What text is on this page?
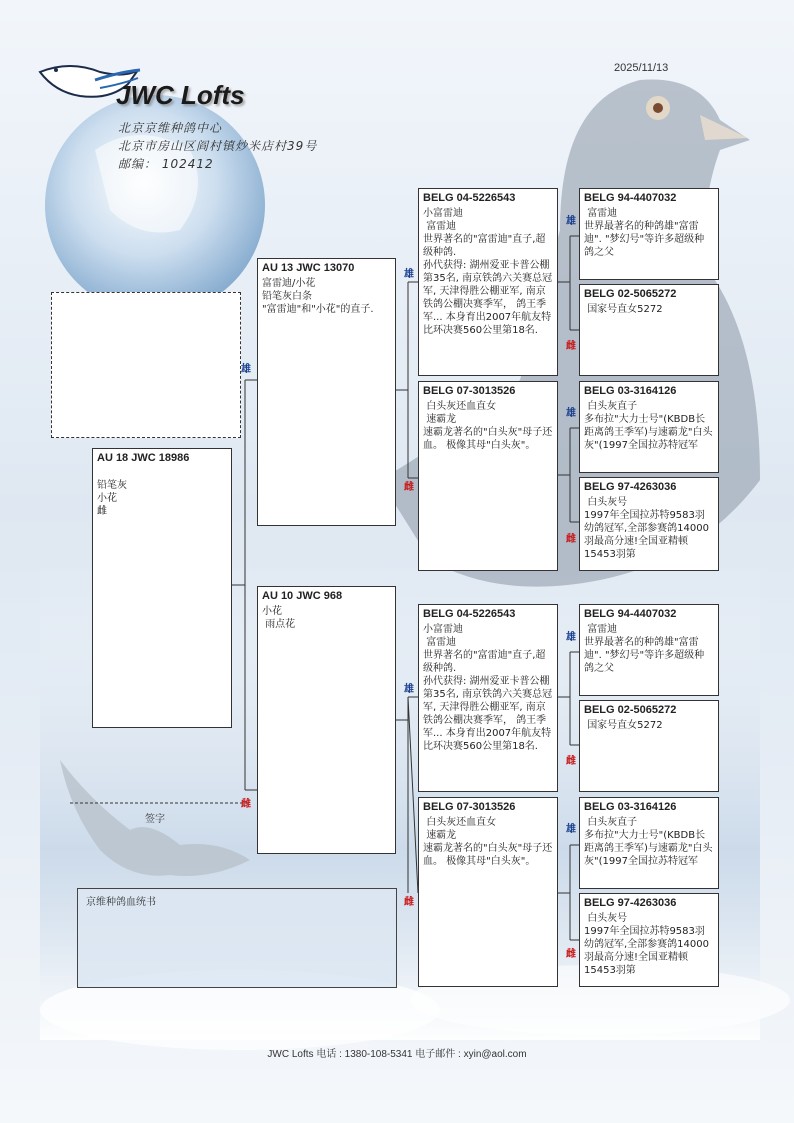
2025/11/13
JWC Lofts
北京京维种鸽中心
北京市房山区阎村镇炒米店村39号
邮编： 102412
雄
雌
雄
雌
雄
雌
雄
雌
雄
雌
雄
雌
雄
雌
AU 18 JWC 18986
铅笔灰
小花
雌
AU 13 JWC 13070
富雷迪/小花
铅笔灰白条
"富雷迪"和"小花"的直子.
AU 10 JWC 968
小花
雨点花
BELG 04-5226543
小富雷迪
富雷迪
世界著名的"富雷迪"直子,超级种鸽.
孙代获得: 湖州爱亚卡普公棚第35名, 南京铁鸽六关赛总冠军, 天津得胜公棚亚军, 南京铁鸽公棚决赛季军， 鸽王季军... 本身育出2007年航友特比环决赛560公里第18名.
BELG 07-3013526
白头灰还血直女
速霸龙
速霸龙著名的"白头灰"母子还血。 极像其母"白头灰"。
BELG 04-5226543
小富雷迪
富雷迪
世界著名的"富雷迪"直子,超级种鸽.
孙代获得: 湖州爱亚卡普公棚第35名, 南京铁鸽六关赛总冠军, 天津得胜公棚亚军, 南京铁鸽公棚决赛季军， 鸽王季军... 本身育出2007年航友特比环决赛560公里第18名.
BELG 07-3013526
白头灰还血直女
速霸龙
速霸龙著名的"白头灰"母子还血。 极像其母"白头灰"。
BELG 94-4407032
富雷迪
世界最著名的种鸽雄"富雷迪". "梦幻号"等许多超级种鸽之父
BELG 02-5065272
国家号直女5272
BELG 03-3164126
白头灰直子
多布拉"大力士号"(KBDB长距离鸽王季军)与速霸龙"白头灰"(1997全国拉苏特冠军
BELG 97-4263036
白头灰号
1997年全国拉苏特9583羽幼鸽冠军,全部参赛鸽14000羽最高分速!全国亚精顿15453羽第
BELG 94-4407032
富雷迪
世界最著名的种鸽雄"富雷迪". "梦幻号"等许多超级种鸽之父
BELG 02-5065272
国家号直女5272
BELG 03-3164126
白头灰直子
多布拉"大力士号"(KBDB长距离鸽王季军)与速霸龙"白头灰"(1997全国拉苏特冠军
BELG 97-4263036
白头灰号
1997年全国拉苏特9583羽幼鸽冠军,全部参赛鸽14000羽最高分速!全国亚精顿15453羽第
签字
京维种鸽血统书
JWC Lofts 电话 : 1380-108-5341 电子邮件 : xyin@aol.com
